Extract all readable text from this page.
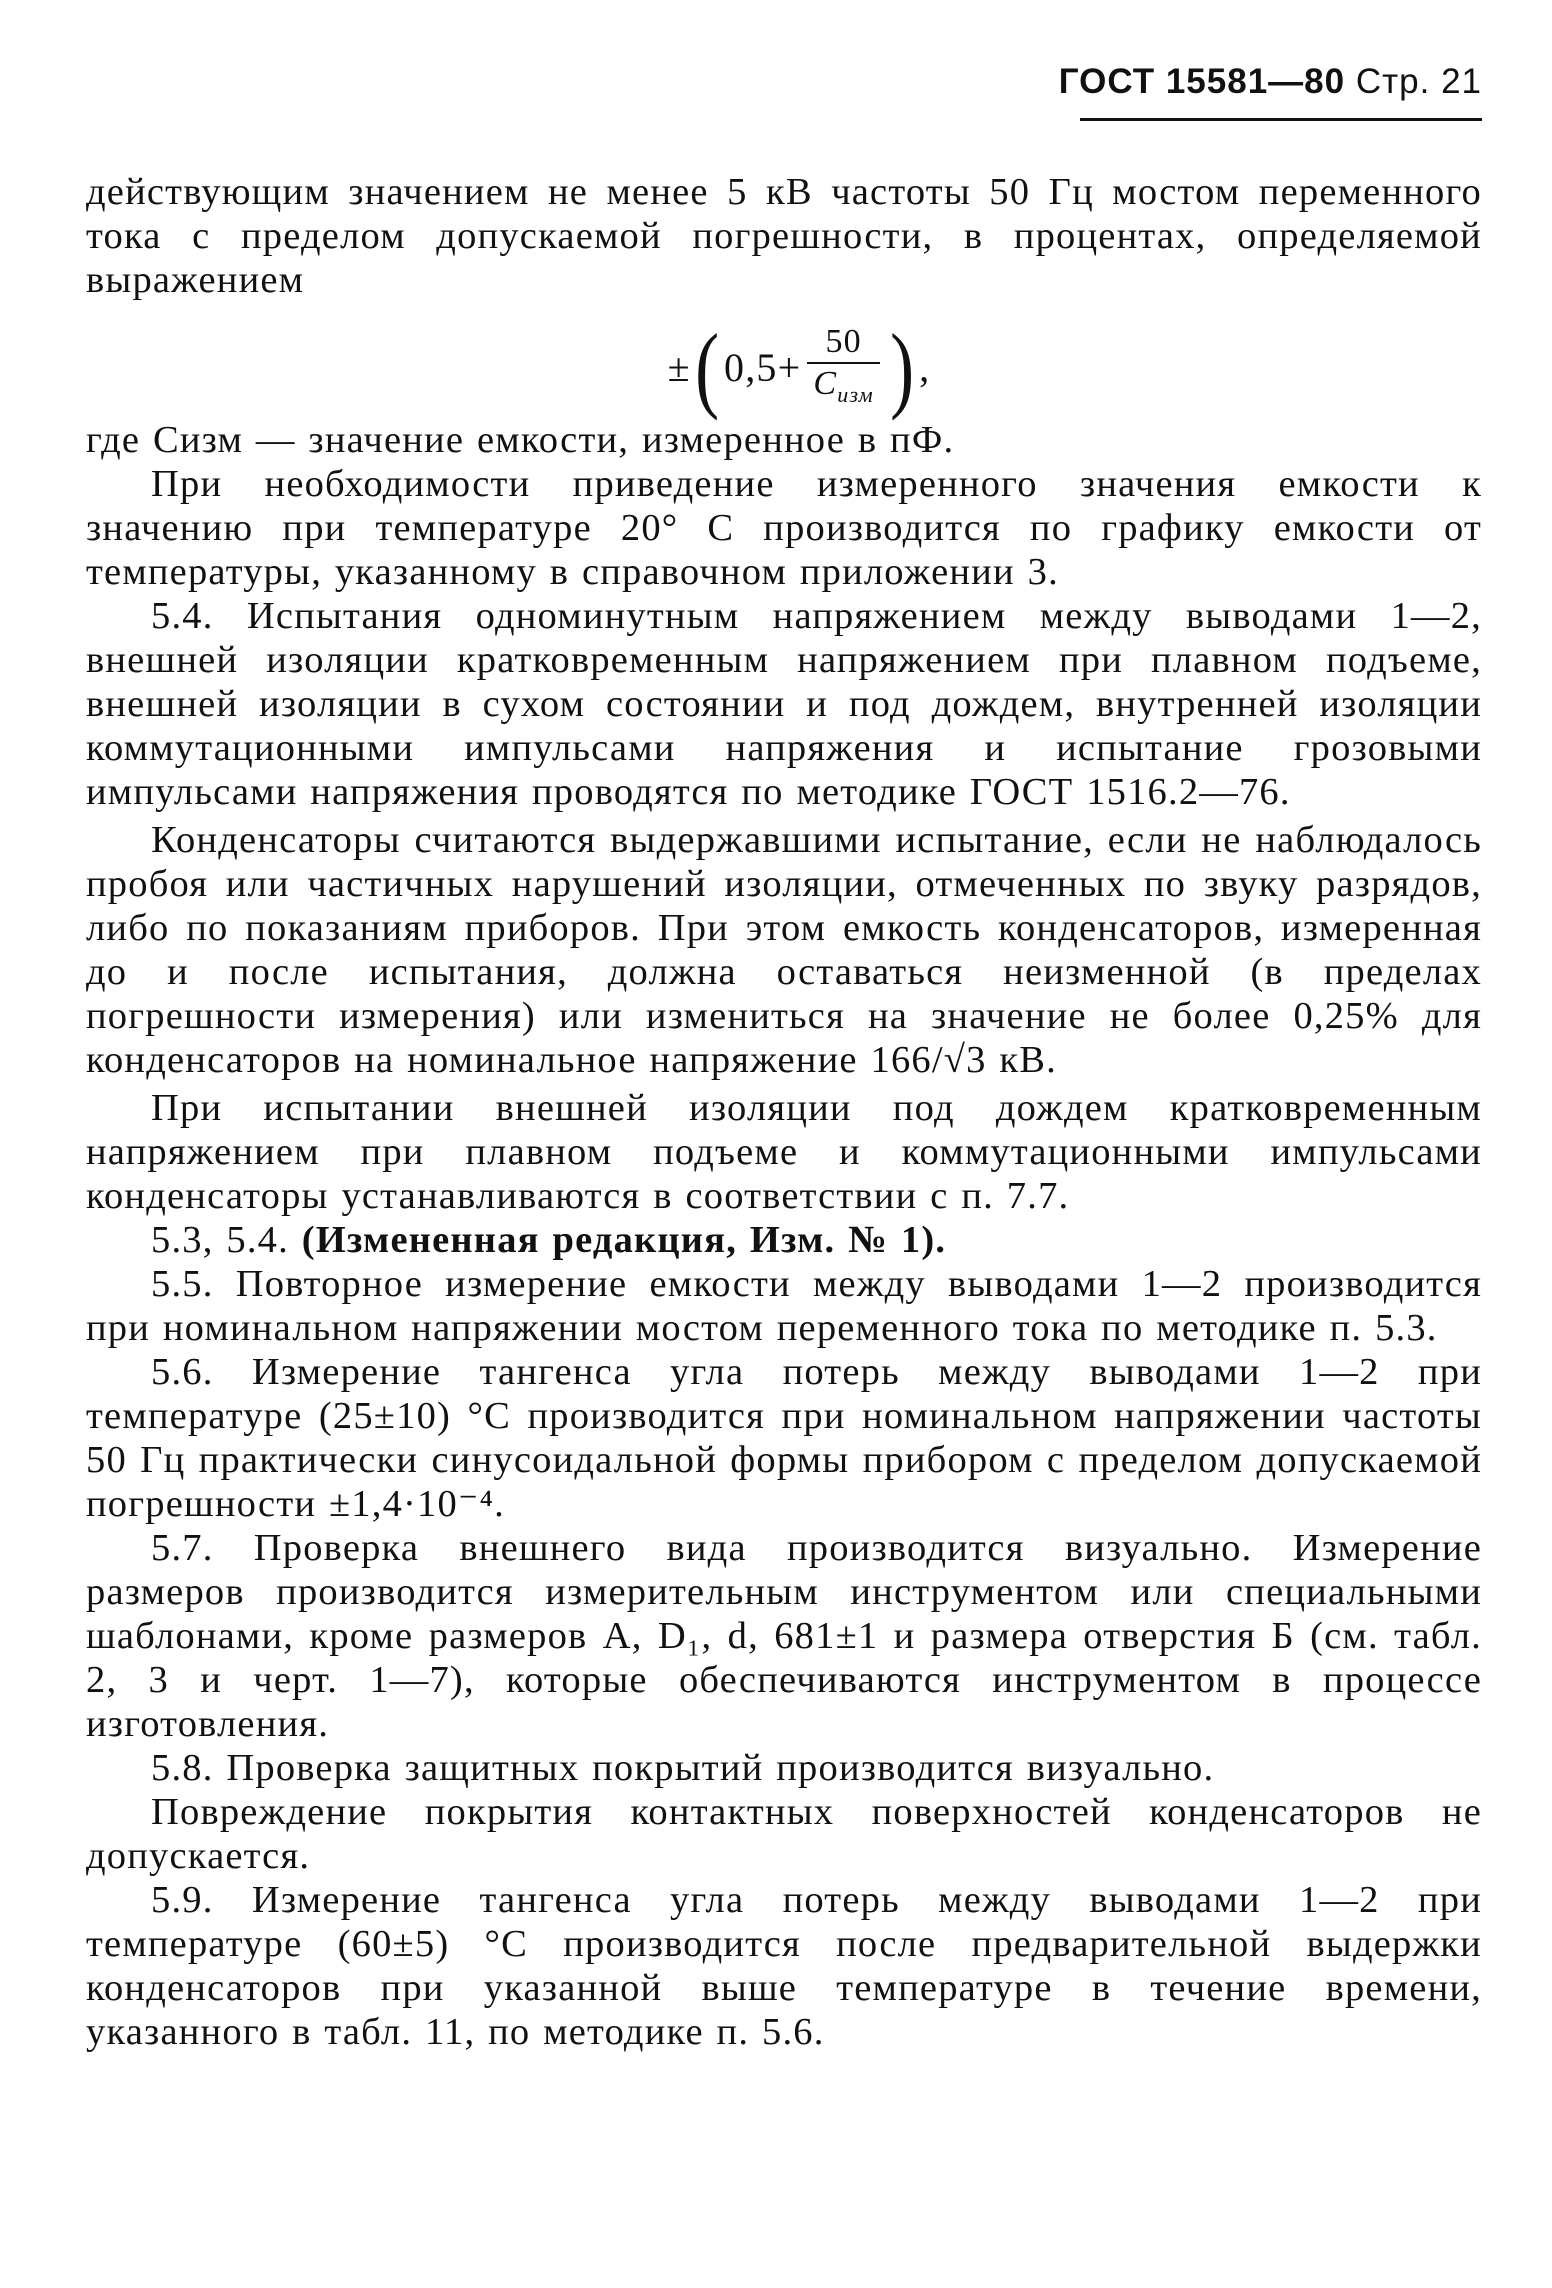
ГОСТ 15581—80 Стр. 21

действующим значением не менее 5 кВ частоты 50 Гц мостом переменного тока с пределом допускаемой погрешности, в процентах, определяемой выражением

± ( $0,5+ \frac{50}{C_{изм}}$ ) ,

где Cизм — значение емкости, измеренное в пФ.

При необходимости приведение измеренного значения емкости к значению при температуре 20° С производится по графику емкости от температуры, указанному в справочном приложении 3.

5.4. Испытания одноминутным напряжением между выводами 1—2, внешней изоляции кратковременным напряжением при плавном подъеме, внешней изоляции в сухом состоянии и под дождем, внутренней изоляции коммутационными импульсами напряжения и испытание грозовыми импульсами напряжения проводятся по методике ГОСТ 1516.2—76.

Конденсаторы считаются выдержавшими испытание, если не наблюдалось пробоя или частичных нарушений изоляции, отмеченных по звуку разрядов, либо по показаниям приборов. При этом емкость конденсаторов, измеренная до и после испытания, должна оставаться неизменной (в пределах погрешности измерения) или измениться на значение не более 0,25% для конденсаторов на номинальное напряжение 166/√3 кВ.

При испытании внешней изоляции под дождем кратковременным напряжением при плавном подъеме и коммутационными импульсами конденсаторы устанавливаются в соответствии с п. 7.7.

5.3, 5.4. (Измененная редакция, Изм. № 1).

5.5. Повторное измерение емкости между выводами 1—2 производится при номинальном напряжении мостом переменного тока по методике п. 5.3.

5.6. Измерение тангенса угла потерь между выводами 1—2 при температуре (25±10) °С производится при номинальном напряжении частоты 50 Гц практически синусоидальной формы прибором с пределом допускаемой погрешности ±1,4·10⁻⁴.

5.7. Проверка внешнего вида производится визуально. Измерение размеров производится измерительным инструментом или специальными шаблонами, кроме размеров А, D₁, d, 681±1 и размера отверстия Б (см. табл. 2, 3 и черт. 1—7), которые обеспечиваются инструментом в процессе изготовления.

5.8. Проверка защитных покрытий производится визуально.

Повреждение покрытия контактных поверхностей конденсаторов не допускается.

5.9. Измерение тангенса угла потерь между выводами 1—2 при температуре (60±5) °С производится после предварительной выдержки конденсаторов при указанной выше температуре в течение времени, указанного в табл. 11, по методике п. 5.6.
